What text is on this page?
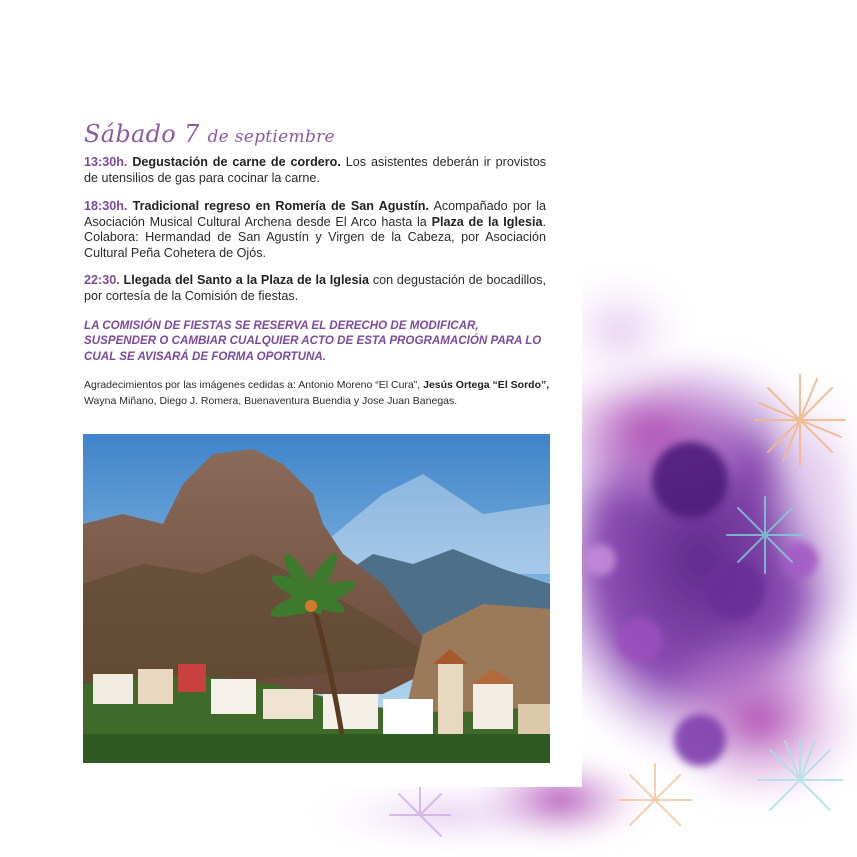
Sábado 7 de septiembre
13:30h. Degustación de carne de cordero. Los asistentes deberán ir provistos de utensilios de gas para cocinar la carne.
18:30h. Tradicional regreso en Romería de San Agustín. Acompañado por la Asociación Musical Cultural Archena desde El Arco hasta la Plaza de la Iglesia. Colabora: Hermandad de San Agustín y Virgen de la Cabeza, por Asociación Cultural Peña Cohetera de Ojós.
22:30. Llegada del Santo a la Plaza de la Iglesia con degustación de bocadillos, por cortesía de la Comisión de fiestas.
LA COMISIÓN DE FIESTAS SE RESERVA EL DERECHO DE MODIFICAR, SUSPENDER O CAMBIAR CUALQUIER ACTO DE ESTA PROGRAMACIÓN PARA LO CUAL SE AVISARÁ DE FORMA OPORTUNA.
Agradecimientos por las imágenes cedidas a: Antonio Moreno “El Cura”, Jesús Ortega “El Sordo”, Wayna Miñano, Diego J. Romera, Buenaventura Buendia y Jose Juan Banegas.
